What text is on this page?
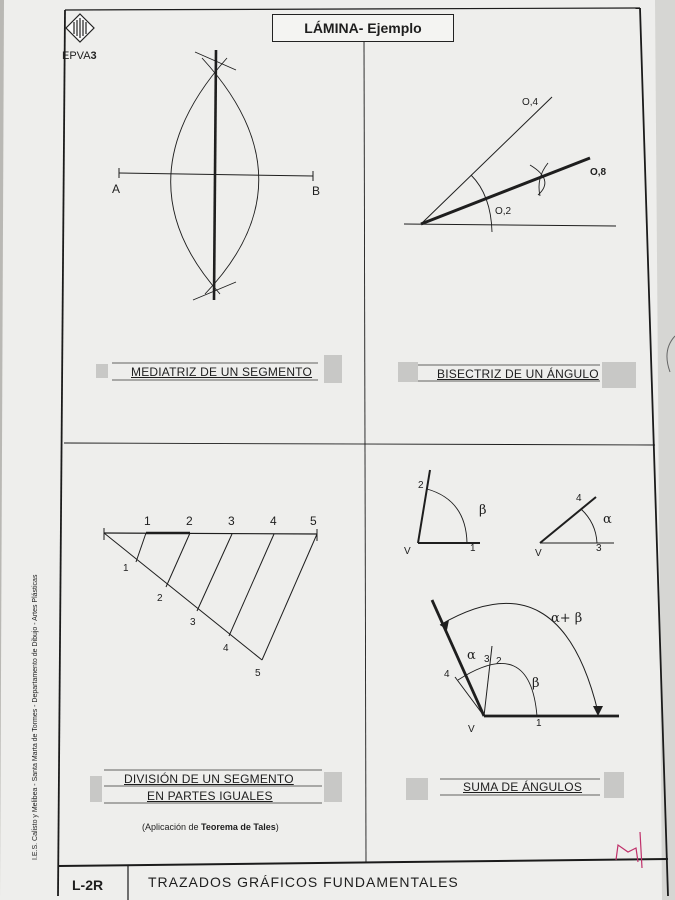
LÁMINA- Ejemplo
EPVA3
A	B
MEDIATRIZ DE UN SEGMENTO
O,4
O,8
O,2
BISECTRIZ DE UN ÁNGULO
1	2	3	4	5
1
2
3
4
5
DIVISIÓN DE UN SEGMENTO
EN PARTES IGUALES
(Aplicación de Teorema de Tales)
2
β
V	1
4
α
V	3
α+ β
α 3 2
4
β
V
1
SUMA DE ÁNGULOS
L-2R	TRAZADOS GRÁFICOS FUNDAMENTALES
I.E.S. Calisto y Melibea - Santa Marta de Tormes - Departamento de Dibujo - Artes Plásticas
